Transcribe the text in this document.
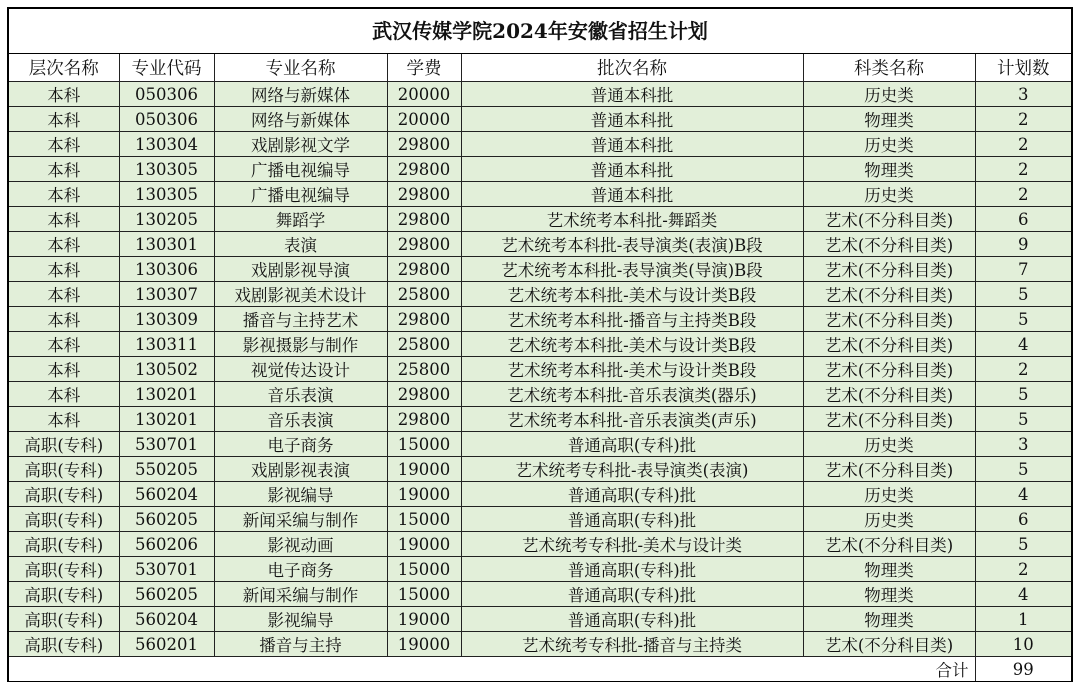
武汉传媒学院2024年安徽省招生计划
层次名称	专业代码	专业名称	学费	批次名称	科类名称	计划数
本科	050306	网络与新媒体	20000	普通本科批	历史类	3
本科	050306	网络与新媒体	20000	普通本科批	物理类	2
本科	130304	戏剧影视文学	29800	普通本科批	历史类	2
本科	130305	广播电视编导	29800	普通本科批	物理类	2
本科	130305	广播电视编导	29800	普通本科批	历史类	2
本科	130205	舞蹈学	29800	艺术统考本科批-舞蹈类	艺术(不分科目类)	6
本科	130301	表演	29800	艺术统考本科批-表导演类(表演)B段	艺术(不分科目类)	9
本科	130306	戏剧影视导演	29800	艺术统考本科批-表导演类(导演)B段	艺术(不分科目类)	7
本科	130307	戏剧影视美术设计	25800	艺术统考本科批-美术与设计类B段	艺术(不分科目类)	5
本科	130309	播音与主持艺术	29800	艺术统考本科批-播音与主持类B段	艺术(不分科目类)	5
本科	130311	影视摄影与制作	25800	艺术统考本科批-美术与设计类B段	艺术(不分科目类)	4
本科	130502	视觉传达设计	25800	艺术统考本科批-美术与设计类B段	艺术(不分科目类)	2
本科	130201	音乐表演	29800	艺术统考本科批-音乐表演类(器乐)	艺术(不分科目类)	5
本科	130201	音乐表演	29800	艺术统考本科批-音乐表演类(声乐)	艺术(不分科目类)	5
高职(专科)	530701	电子商务	15000	普通高职(专科)批	历史类	3
高职(专科)	550205	戏剧影视表演	19000	艺术统考专科批-表导演类(表演)	艺术(不分科目类)	5
高职(专科)	560204	影视编导	19000	普通高职(专科)批	历史类	4
高职(专科)	560205	新闻采编与制作	15000	普通高职(专科)批	历史类	6
高职(专科)	560206	影视动画	19000	艺术统考专科批-美术与设计类	艺术(不分科目类)	5
高职(专科)	530701	电子商务	15000	普通高职(专科)批	物理类	2
高职(专科)	560205	新闻采编与制作	15000	普通高职(专科)批	物理类	4
高职(专科)	560204	影视编导	19000	普通高职(专科)批	物理类	1
高职(专科)	560201	播音与主持	19000	艺术统考专科批-播音与主持类	艺术(不分科目类)	10
合计						99
